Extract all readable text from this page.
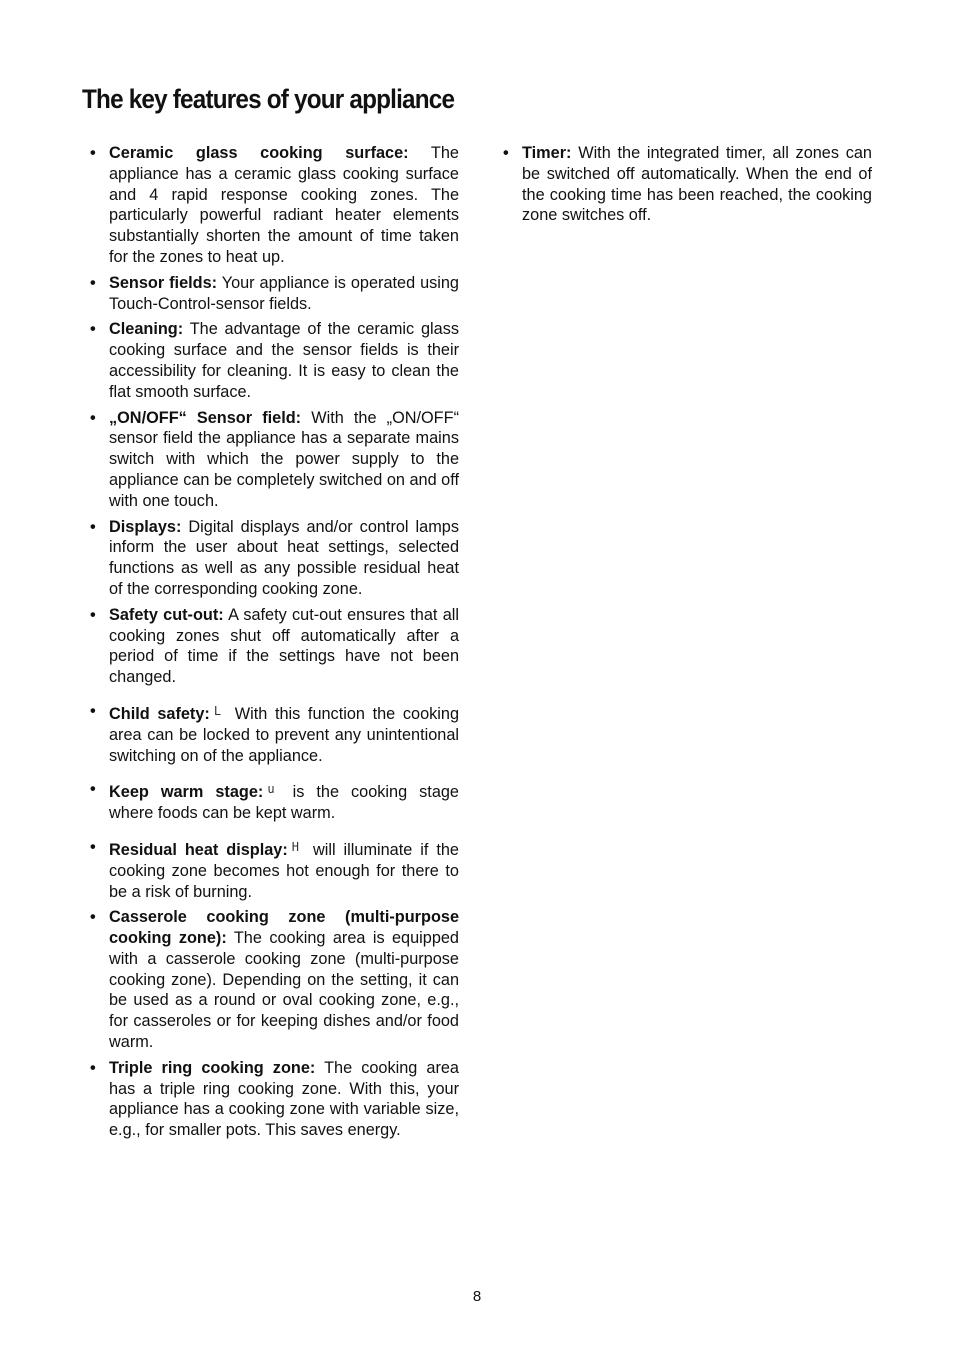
The key features of your appliance
• Ceramic glass cooking surface: The appliance has a ceramic glass cooking surface and 4 rapid response cooking zones. The particularly powerful radiant heater elements substantially shorten the amount of time taken for the zones to heat up.
• Sensor fields: Your appliance is operated using Touch-Control-sensor fields.
• Cleaning: The advantage of the ceramic glass cooking surface and the sensor fields is their accessibility for cleaning. It is easy to clean the flat smooth surface.
• „ON/OFF“ Sensor field: With the „ON/OFF“ sensor field the appliance has a separate mains switch with which the power supply to the appliance can be completely switched on and off with one touch.
• Displays: Digital displays and/or control lamps inform the user about heat settings, selected functions as well as any possible residual heat of the corresponding cooking zone.
• Safety cut-out: A safety cut-out ensures that all cooking zones shut off automatically after a period of time if the settings have not been changed.
• Child safety: L With this function the cooking area can be locked to prevent any unintentional switching on of the appliance.
• Keep warm stage: u is the cooking stage where foods can be kept warm.
• Residual heat display: H will illuminate if the cooking zone becomes hot enough for there to be a risk of burning.
• Casserole cooking zone (multi-purpose cooking zone): The cooking area is equipped with a casserole cooking zone (multi-purpose cooking zone). Depending on the setting, it can be used as a round or oval cooking zone, e.g., for casseroles or for keeping dishes and/or food warm.
• Triple ring cooking zone: The cooking area has a triple ring cooking zone. With this, your appliance has a cooking zone with variable size, e.g., for smaller pots. This saves energy.
• Timer: With the integrated timer, all zones can be switched off automatically. When the end of the cooking time has been reached, the cooking zone switches off.
8
